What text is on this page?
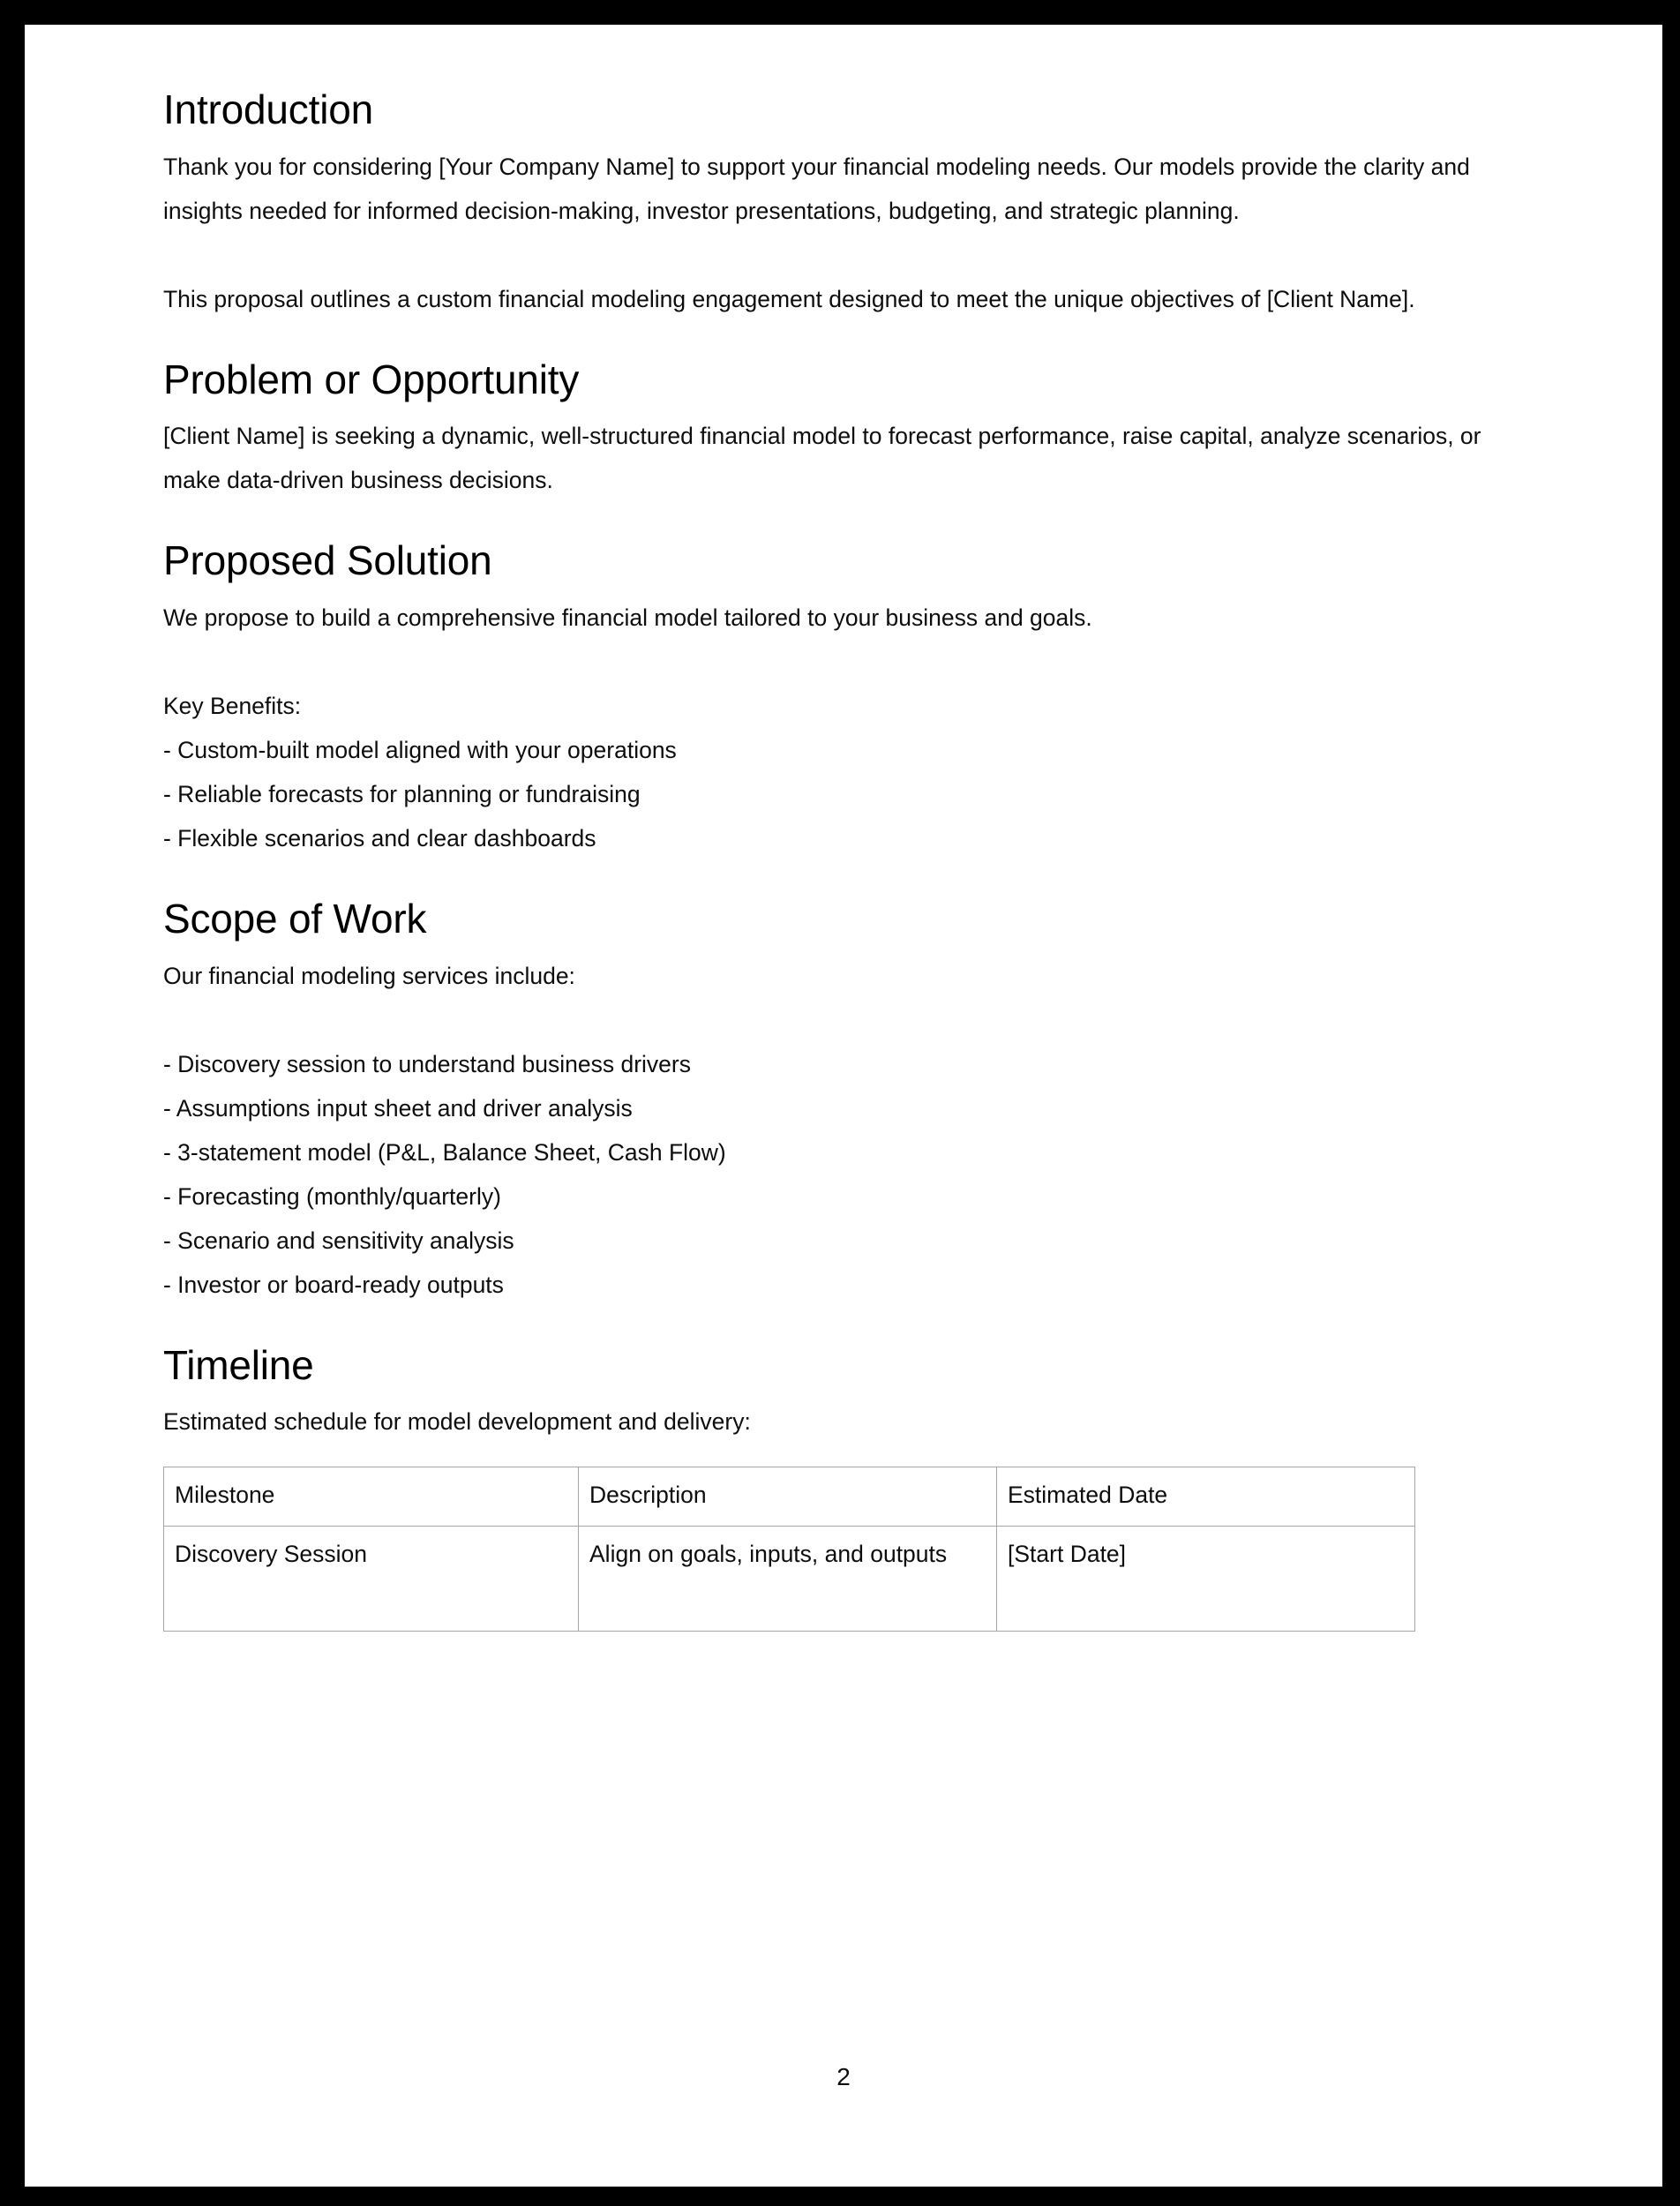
Introduction

Thank you for considering [Your Company Name] to support your financial modeling needs. Our models provide the clarity and insights needed for informed decision-making, investor presentations, budgeting, and strategic planning.

This proposal outlines a custom financial modeling engagement designed to meet the unique objectives of [Client Name].

Problem or Opportunity

[Client Name] is seeking a dynamic, well-structured financial model to forecast performance, raise capital, analyze scenarios, or make data-driven business decisions.

Proposed Solution

We propose to build a comprehensive financial model tailored to your business and goals.

Key Benefits:

- Custom-built model aligned with your operations
- Reliable forecasts for planning or fundraising
- Flexible scenarios and clear dashboards
Scope of Work

Our financial modeling services include:

- Discovery session to understand business drivers
- Assumptions input sheet and driver analysis
- 3-statement model (P&L, Balance Sheet, Cash Flow)
- Forecasting (monthly/quarterly)
- Scenario and sensitivity analysis
- Investor or board-ready outputs
Timeline

Estimated schedule for model development and delivery:

Milestone	Description	Estimated Date
Discovery Session	Align on goals, inputs, and outputs	[Start Date]
2
